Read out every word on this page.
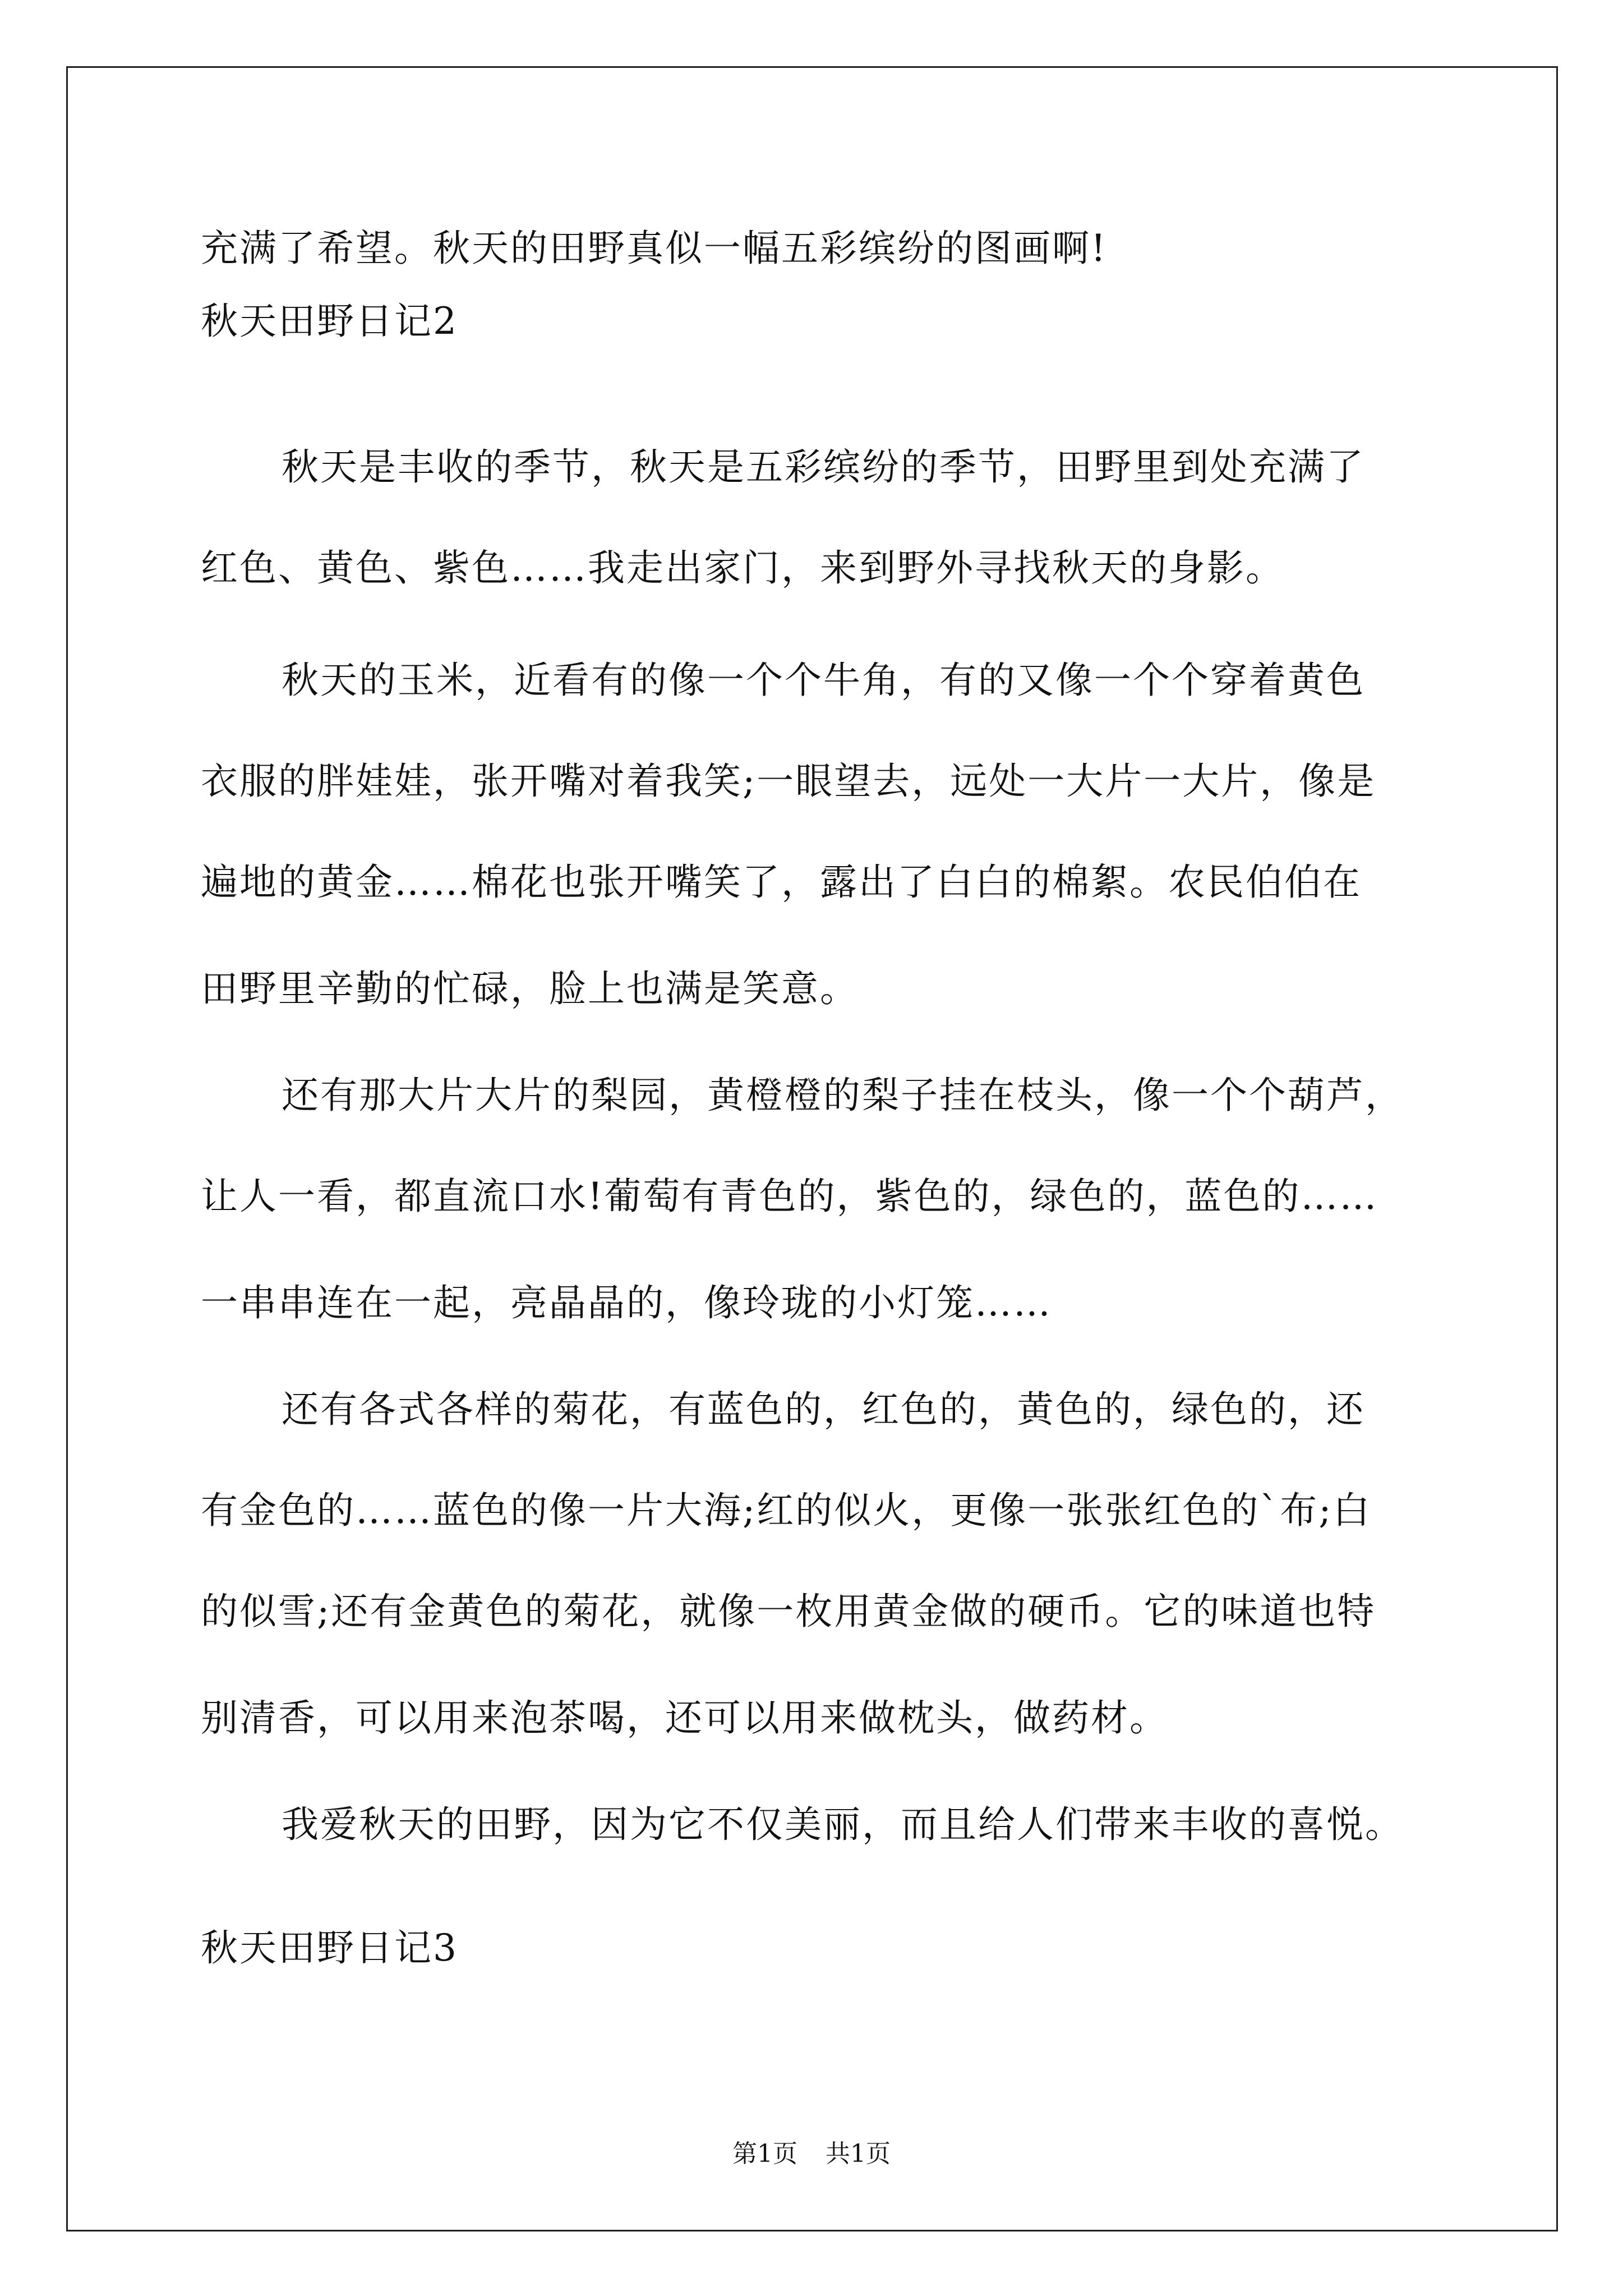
充满了希望。秋天的田野真似一幅五彩缤纷的图画啊!
秋天田野日记2
秋天是丰收的季节，秋天是五彩缤纷的季节，田野里到处充满了
红色、黄色、紫色……我走出家门，来到野外寻找秋天的身影。
秋天的玉米，近看有的像一个个牛角，有的又像一个个穿着黄色
衣服的胖娃娃，张开嘴对着我笑;一眼望去，远处一大片一大片，像是
遍地的黄金……棉花也张开嘴笑了，露出了白白的棉絮。农民伯伯在
田野里辛勤的忙碌，脸上也满是笑意。
还有那大片大片的梨园，黄橙橙的梨子挂在枝头，像一个个葫芦，
让人一看，都直流口水!葡萄有青色的，紫色的，绿色的，蓝色的……
一串串连在一起，亮晶晶的，像玲珑的小灯笼……
还有各式各样的菊花，有蓝色的，红色的，黄色的，绿色的，还
有金色的……蓝色的像一片大海;红的似火，更像一张张红色的`布;白
的似雪;还有金黄色的菊花，就像一枚用黄金做的硬币。它的味道也特
别清香，可以用来泡茶喝，还可以用来做枕头，做药材。
我爱秋天的田野，因为它不仅美丽，而且给人们带来丰收的喜悦。
秋天田野日记3
第1页 共1页
